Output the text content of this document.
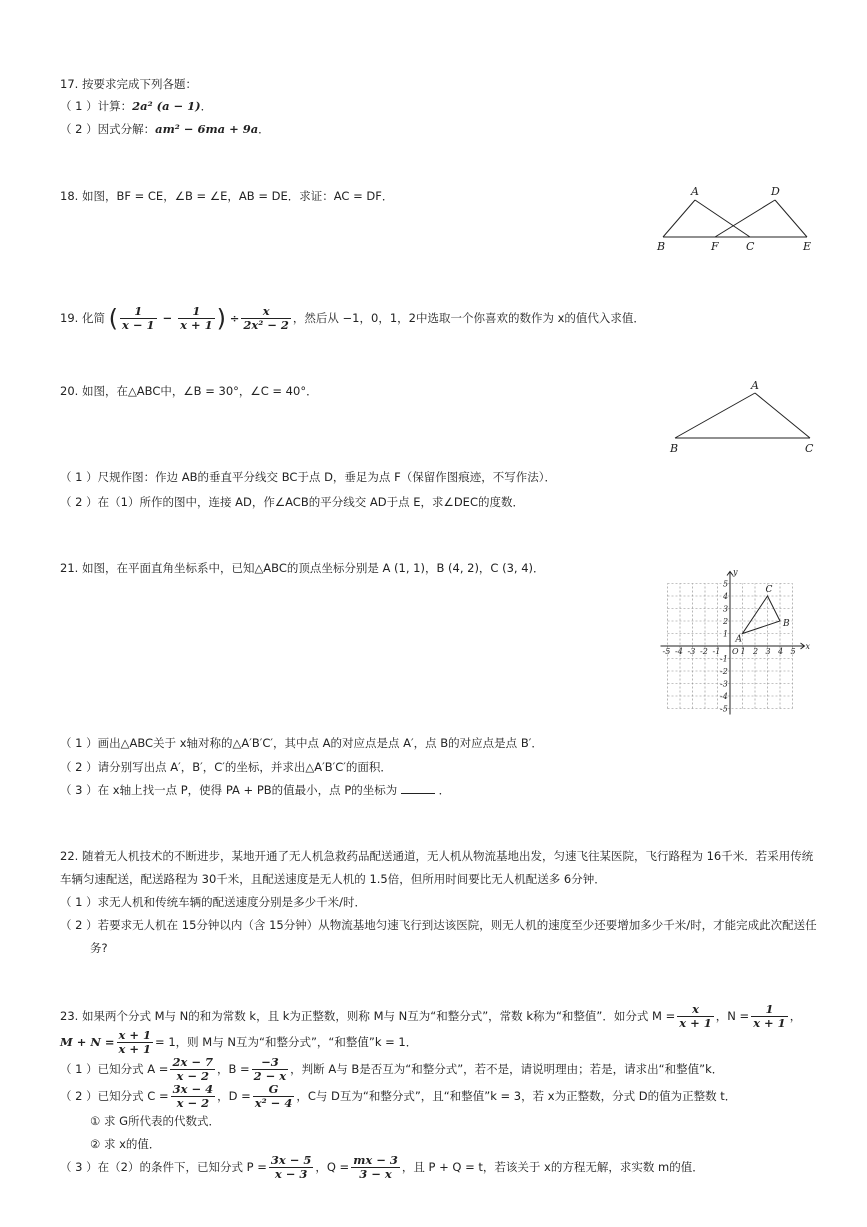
17. 按要求完成下列各题：
（ 1 ）计算：2a² (a − 1)．
（ 2 ）因式分解：am² − 6ma + 9a．
18. 如图，BF = CE，∠B = ∠E，AB = DE．求证：AC = DF．	A	D
B	F C	E
19. 化简 ( $\frac{1}{x - 1} - \frac{1}{x + 1}$ ) ÷ $\frac{x}{\text{2x² − 2}}$ ，然后从 −1，0，1，2中选取一个你喜欢的数作为 x的值代入求值．
20. 如图，在△ABC中，∠B = 30°，∠C = 40°．	A
B	C
（ 1 ）尺规作图：作边 AB的垂直平分线交 BC于点 D，垂足为点 F（保留作图痕迹，不写作法）．
（ 2 ）在（1）所作的图中，连接 AD，作∠ACB的平分线交 AD于点 E，求∠DEC的度数．
21. 如图，在平面直角坐标系中，已知△ABC的顶点坐标分别是 A (1, 1)，B (4, 2)，C (3, 4)．
-5
-5
-4
-4
-3
-3
-2
-2
-1
-1
1
1
2
2
3
3
4
4
5
5
O
x
y
A
B
C
（ 1 ）画出△ABC关于 x轴对称的△A′B′C′，其中点 A的对应点是点 A′，点 B的对应点是点 B′．
（ 2 ）请分别写出点 A′，B′，C′的坐标，并求出△A′B′C′的面积．
（ 3 ）在 x轴上找一点 P，使得 PA + PB的值最小，点 P的坐标为	．
22. 随着无人机技术的不断进步，某地开通了无人机急救药品配送通道，无人机从物流基地出发，匀速飞往某医院，飞行路程为 16千米．若采用传统
车辆匀速配送，配送路程为 30千米，且配送速度是无人机的 1.5倍，但所用时间要比无人机配送多 6分钟．
（ 1 ）求无人机和传统车辆的配送速度分别是多少千米/时．
（ 2 ）若要求无人机在 15分钟以内（含 15分钟）从物流基地匀速飞行到达该医院，则无人机的速度至少还要增加多少千米/时，才能完成此次配送任
务?
23. 如果两个分式 M与 N的和为常数 k，且 k为正整数，则称 M与 N互为“和整分式”，常数 k称为“和整值”．如分式 $M = \frac{x}{x + 1}$ ，$N = \frac{1}{x + 1}$ ，
$M + N = \frac{x + 1}{x + 1} = 1$，则 M与 N互为“和整分式”，“和整值”k = 1．
（ 1 ）已知分式 $A = \frac{2x - 7}{x - 2}$ ，$B = \frac{-3}{2 - x}$ ，判断 A与 B是否互为“和整分式”，若不是，请说明理由；若是，请求出“和整值”k．
（ 2 ）已知分式 $C = \frac{3x - 4}{x - 2}$ ，$D = \frac{G}{\text{x² − 4}}$ ，C与 D互为“和整分式”，且“和整值”k = 3，若 x为正整数，分式 D的值为正整数 t．
① 求 G所代表的代数式．
② 求 x的值．
（ 3 ）在（2）的条件下，已知分式 $P = \frac{3x - 5}{x - 3}$ ，$Q = \frac{mx - 3}{3 - x}$ ，且 P + Q = t，若该关于 x的方程无解，求实数 m的值．
